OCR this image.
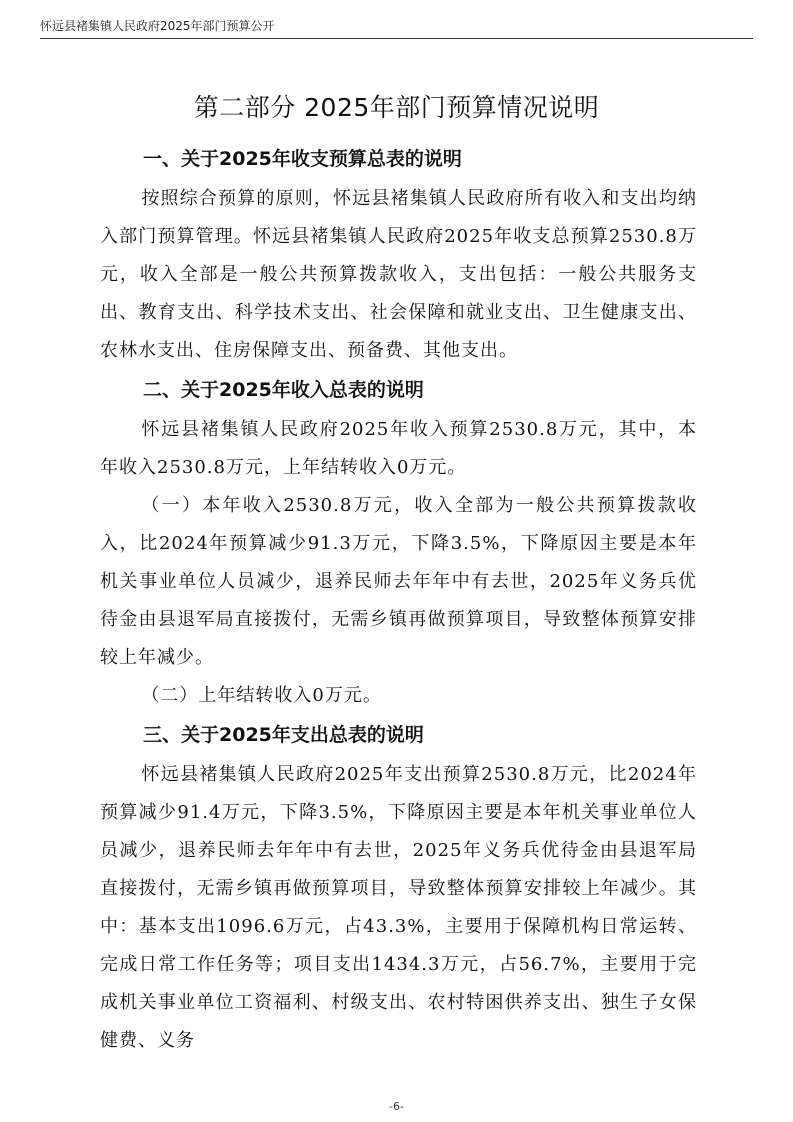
怀远县褚集镇人民政府2025年部门预算公开
第二部分 2025年部门预算情况说明
一、关于2025年收支预算总表的说明

按照综合预算的原则，怀远县褚集镇人民政府所有收入和支出均纳入部门预算管理。怀远县褚集镇人民政府2025年收支总预算2530.8万元，收入全部是一般公共预算拨款收入，支出包括：一般公共服务支出、教育支出、科学技术支出、社会保障和就业支出、卫生健康支出、农林水支出、住房保障支出、预备费、其他支出。

二、关于2025年收入总表的说明

怀远县褚集镇人民政府2025年收入预算2530.8万元，其中，本年收入2530.8万元，上年结转收入0万元。

（一）本年收入2530.8万元，收入全部为一般公共预算拨款收入，比2024年预算减少91.3万元，下降3.5%，下降原因主要是本年机关事业单位人员减少，退养民师去年年中有去世，2025年义务兵优待金由县退军局直接拨付，无需乡镇再做预算项目，导致整体预算安排较上年减少。

（二）上年结转收入0万元。

三、关于2025年支出总表的说明

怀远县褚集镇人民政府2025年支出预算2530.8万元，比2024年预算减少91.4万元，下降3.5%，下降原因主要是本年机关事业单位人员减少，退养民师去年年中有去世，2025年义务兵优待金由县退军局直接拨付，无需乡镇再做预算项目，导致整体预算安排较上年减少。其中：基本支出1096.6万元，占43.3%，主要用于保障机构日常运转、完成日常工作任务等；项目支出1434.3万元，占56.7%，主要用于完成机关事业单位工资福利、村级支出、农村特困供养支出、独生子女保健费、义务

-6-
